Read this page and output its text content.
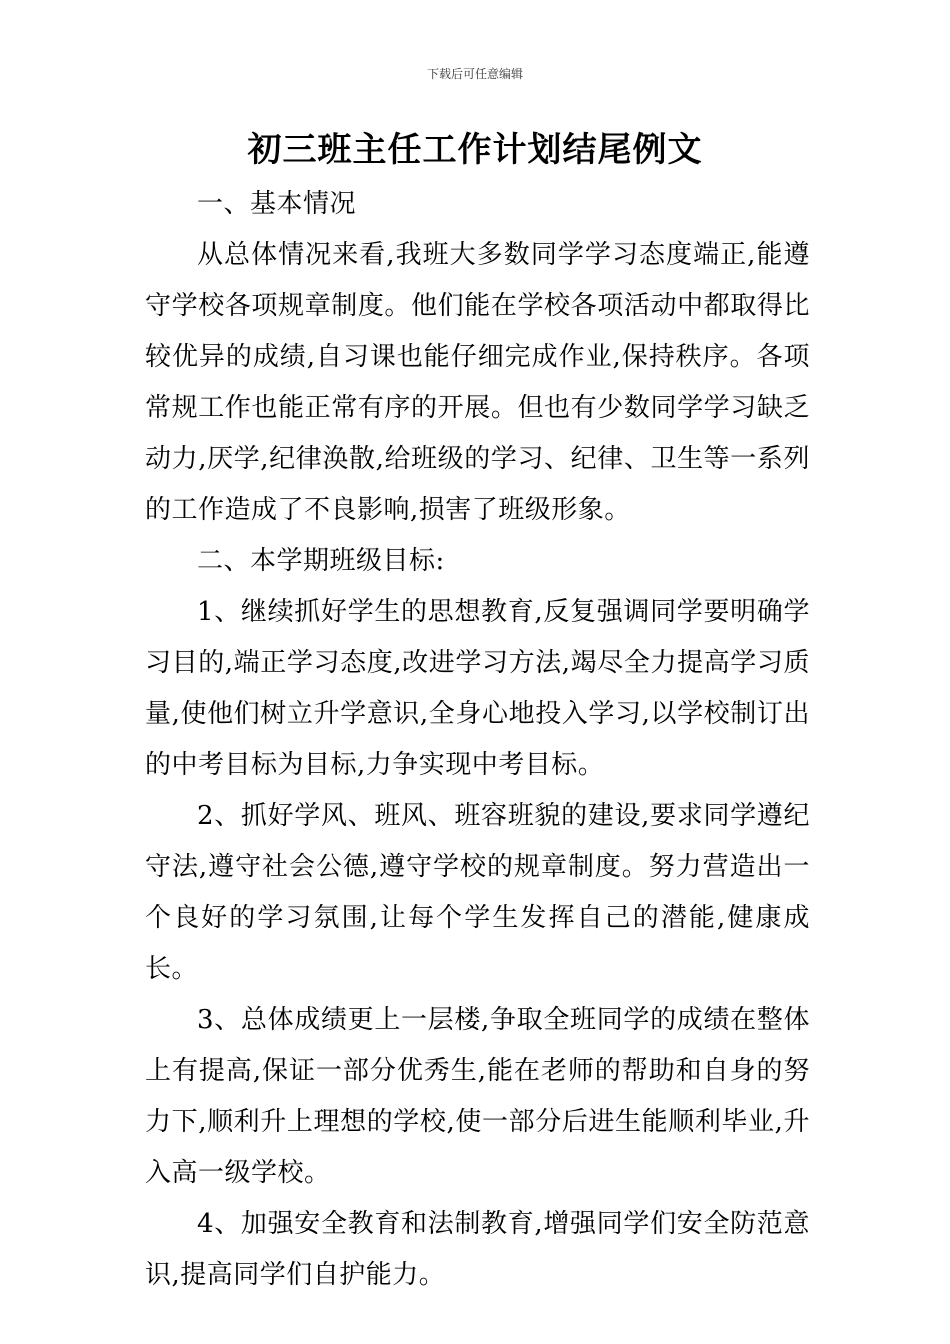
下载后可任意编辑
初三班主任工作计划结尾例文

一、基本情况

从总体情况来看,我班大多数同学学习态度端正,能遵守学校各项规章制度。他们能在学校各项活动中都取得比较优异的成绩,自习课也能仔细完成作业,保持秩序。各项常规工作也能正常有序的开展。但也有少数同学学习缺乏动力,厌学,纪律涣散,给班级的学习、纪律、卫生等一系列的工作造成了不良影响,损害了班级形象。

二、本学期班级目标:

1、继续抓好学生的思想教育,反复强调同学要明确学习目的,端正学习态度,改进学习方法,竭尽全力提高学习质量,使他们树立升学意识,全身心地投入学习,以学校制订出的中考目标为目标,力争实现中考目标。

2、抓好学风、班风、班容班貌的建设,要求同学遵纪守法,遵守社会公德,遵守学校的规章制度。努力营造出一个良好的学习氛围,让每个学生发挥自己的潜能,健康成长。

3、总体成绩更上一层楼,争取全班同学的成绩在整体上有提高,保证一部分优秀生,能在老师的帮助和自身的努力下,顺利升上理想的学校,使一部分后进生能顺利毕业,升入高一级学校。

4、加强安全教育和法制教育,增强同学们安全防范意识,提高同学们自护能力。
